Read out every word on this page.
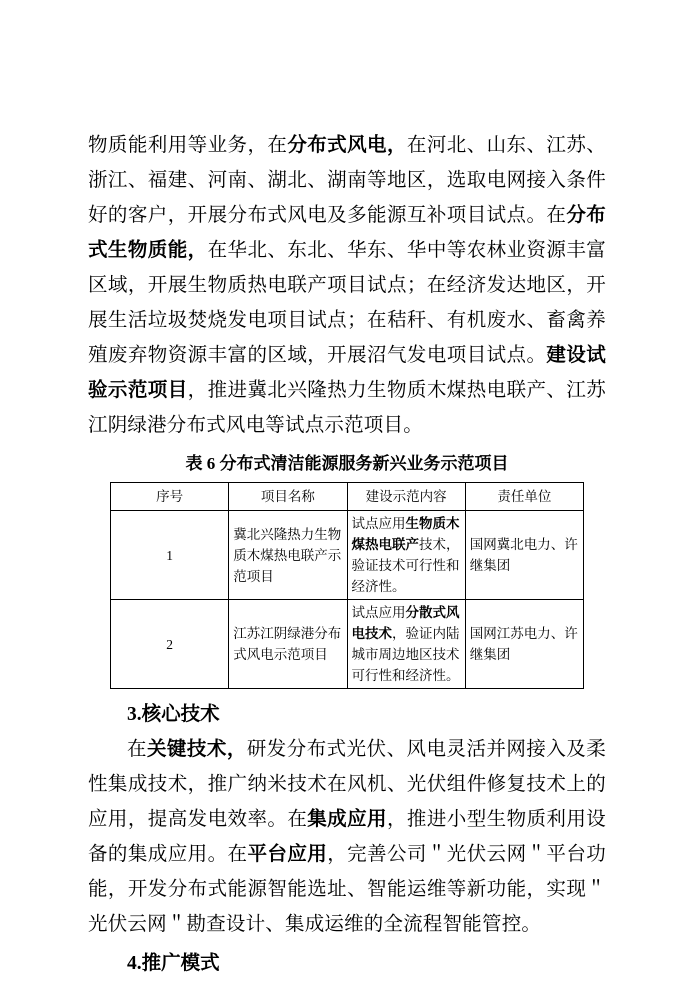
物质能利用等业务，在分布式风电，在河北、山东、江苏、浙江、福建、河南、湖北、湖南等地区，选取电网接入条件好的客户，开展分布式风电及多能源互补项目试点。在分布式生物质能，在华北、东北、华东、华中等农林业资源丰富区域，开展生物质热电联产项目试点；在经济发达地区，开展生活垃圾焚烧发电项目试点；在秸秆、有机废水、畜禽养殖废弃物资源丰富的区域，开展沼气发电项目试点。建设试验示范项目，推进冀北兴隆热力生物质木煤热电联产、江苏江阴绿港分布式风电等试点示范项目。

表 6 分布式清洁能源服务新兴业务示范项目
序号	项目名称	建设示范内容	责任单位
1	冀北兴隆热力生物质木煤热电联产示范项目	试点应用生物质木煤热电联产技术，验证技术可行性和经济性。	国网冀北电力、许继集团
2	江苏江阴绿港分布式风电示范项目	试点应用分散式风电技术，验证内陆城市周边地区技术可行性和经济性。	国网江苏电力、许继集团

3.核心技术

在关键技术，研发分布式光伏、风电灵活并网接入及柔性集成技术，推广纳米技术在风机、光伏组件修复技术上的应用，提高发电效率。在集成应用，推进小型生物质利用设备的集成应用。在平台应用，完善公司＂光伏云网＂平台功能，开发分布式能源智能选址、智能运维等新功能，实现＂光伏云网＂勘查设计、集成运维的全流程智能管控。

4.推广模式
